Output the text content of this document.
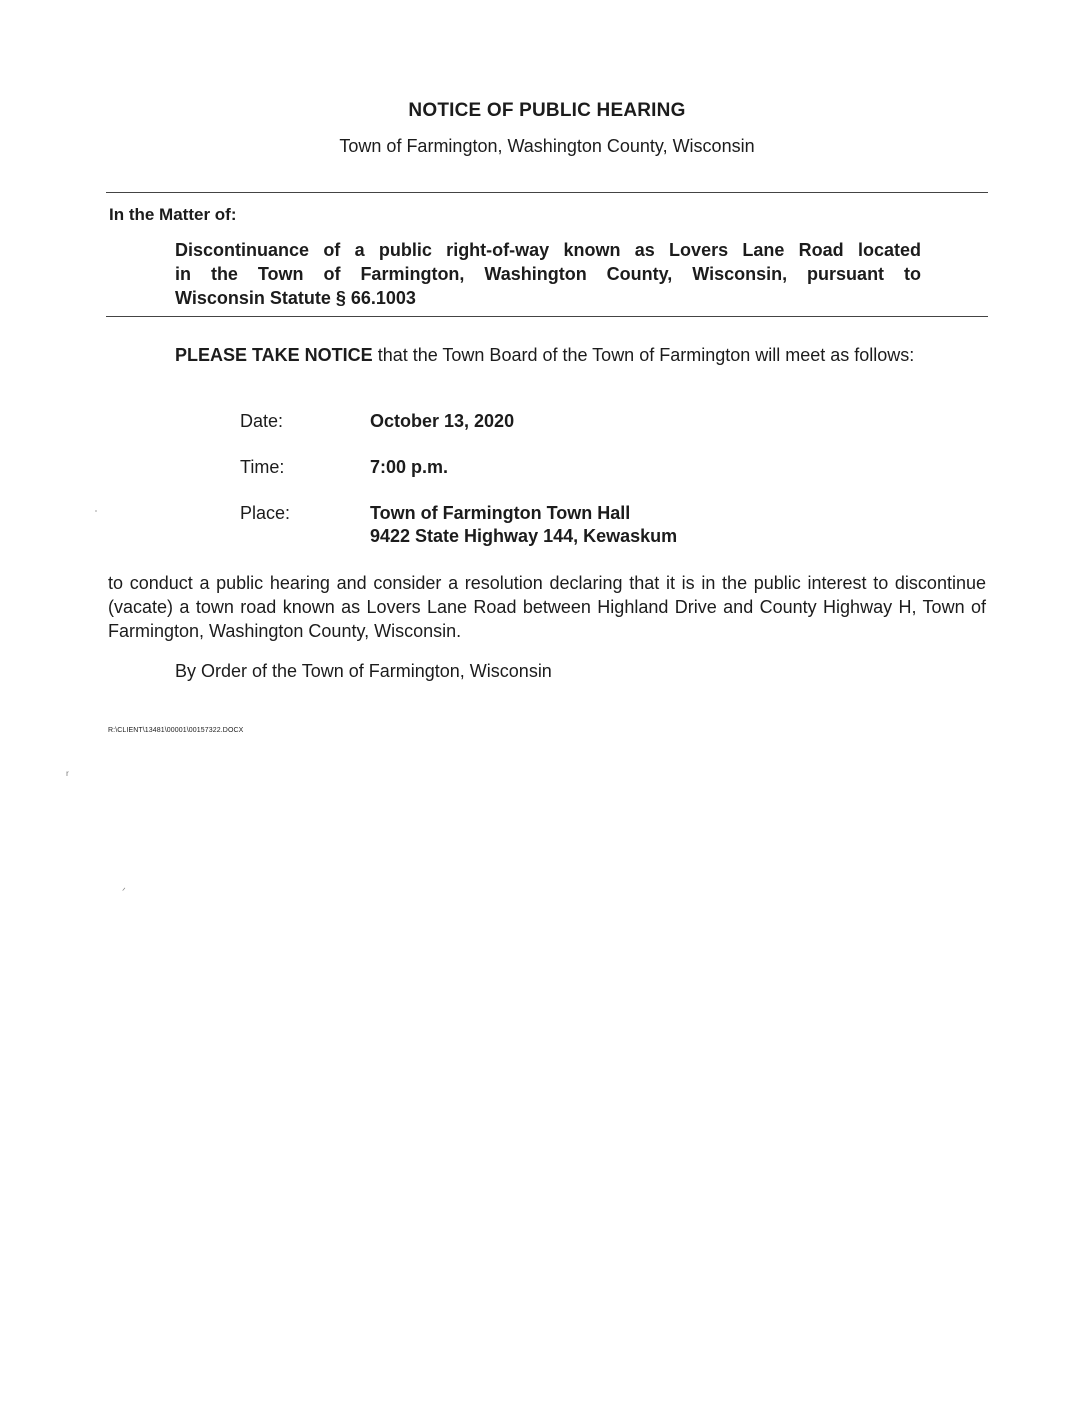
NOTICE OF PUBLIC HEARING
Town of Farmington, Washington County, Wisconsin
In the Matter of:
Discontinuance of a public right-of-way known as Lovers Lane Road located
in the Town of Farmington, Washington County, Wisconsin, pursuant to
Wisconsin Statute § 66.1003
PLEASE TAKE NOTICE that the Town Board of the Town of Farmington will meet as follows:
Date:	October 13, 2020
Time:	7:00 p.m.
Place:	Town of Farmington Town Hall
9422 State Highway 144, Kewaskum
to conduct a public hearing and consider a resolution declaring that it is in the public interest to discontinue (vacate) a town road known as Lovers Lane Road between Highland Drive and County Highway H, Town of Farmington, Washington County, Wisconsin.
By Order of the Town of Farmington, Wisconsin
R:\CLIENT\13481\00001\00157322.DOCX
ˈ
ʳ
ᐟ
